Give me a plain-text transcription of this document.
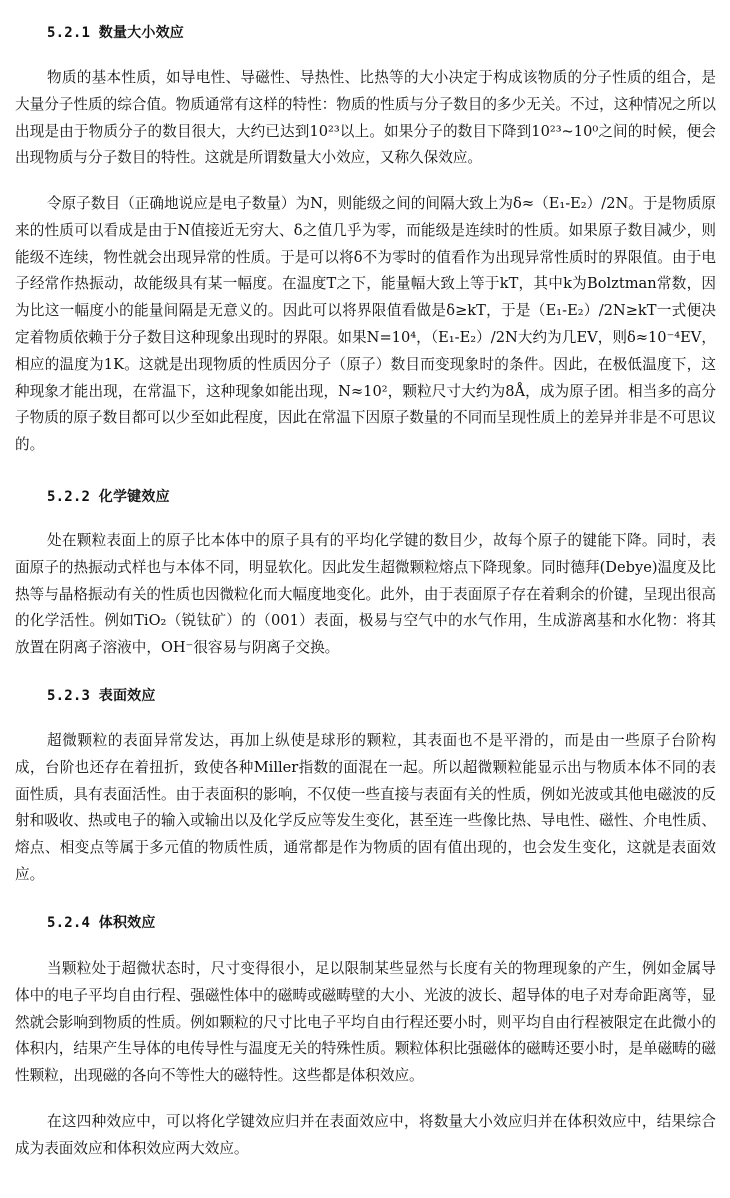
5.2.1 数量大小效应

物质的基本性质，如导电性、导磁性、导热性、比热等的大小决定于构成该物质的分子性质的组合，是大量分子性质的综合值。物质通常有这样的特性：物质的性质与分子数目的多少无关。不过，这种情况之所以出现是由于物质分子的数目很大，大约已达到10²³以上。如果分子的数目下降到10²³~10⁰之间的时候，便会出现物质与分子数目的特性。这就是所谓数量大小效应，又称久保效应。

令原子数目（正确地说应是电子数量）为N，则能级之间的间隔大致上为δ≈（E₁-E₂）/2N。于是物质原来的性质可以看成是由于N值接近无穷大、δ之值几乎为零，而能级是连续时的性质。如果原子数目减少，则能级不连续，物性就会出现异常的性质。于是可以将δ不为零时的值看作为出现异常性质时的界限值。由于电子经常作热振动，故能级具有某一幅度。在温度T之下，能量幅大致上等于kT，其中k为Bolztman常数，因为比这一幅度小的能量间隔是无意义的。因此可以将界限值看做是δ≥kT，于是（E₁-E₂）/2N≥kT一式便决定着物质依赖于分子数目这种现象出现时的界限。如果N=10⁴，（E₁-E₂）/2N大约为几EV，则δ≈10⁻⁴EV，相应的温度为1K。这就是出现物质的性质因分子（原子）数目而变现象时的条件。因此，在极低温度下，这种现象才能出现，在常温下，这种现象如能出现，N≈10²，颗粒尺寸大约为8Å，成为原子团。相当多的高分子物质的原子数目都可以少至如此程度，因此在常温下因原子数量的不同而呈现性质上的差异并非是不可思议的。

5.2.2 化学键效应

处在颗粒表面上的原子比本体中的原子具有的平均化学键的数目少，故每个原子的键能下降。同时，表面原子的热振动式样也与本体不同，明显软化。因此发生超微颗粒熔点下降现象。同时德拜(Debye)温度及比热等与晶格振动有关的性质也因微粒化而大幅度地变化。此外，由于表面原子存在着剩余的价键，呈现出很高的化学活性。例如TiO₂（锐钛矿）的（001）表面，极易与空气中的水气作用，生成游离基和水化物：将其放置在阴离子溶液中，OH⁻很容易与阴离子交换。

5.2.3 表面效应

超微颗粒的表面异常发达，再加上纵使是球形的颗粒，其表面也不是平滑的，而是由一些原子台阶构成，台阶也还存在着扭折，致使各种Miller指数的面混在一起。所以超微颗粒能显示出与物质本体不同的表面性质，具有表面活性。由于表面积的影响，不仅使一些直接与表面有关的性质，例如光波或其他电磁波的反射和吸收、热或电子的输入或输出以及化学反应等发生变化，甚至连一些像比热、导电性、磁性、介电性质、熔点、相变点等属于多元值的物质性质，通常都是作为物质的固有值出现的，也会发生变化，这就是表面效应。

5.2.4 体积效应

当颗粒处于超微状态时，尺寸变得很小，足以限制某些显然与长度有关的物理现象的产生，例如金属导体中的电子平均自由行程、强磁性体中的磁畴或磁畴壁的大小、光波的波长、超导体的电子对寿命距离等，显然就会影响到物质的性质。例如颗粒的尺寸比电子平均自由行程还要小时，则平均自由行程被限定在此微小的体积内，结果产生导体的电传导性与温度无关的特殊性质。颗粒体积比强磁体的磁畴还要小时，是单磁畴的磁性颗粒，出现磁的各向不等性大的磁特性。这些都是体积效应。

在这四种效应中，可以将化学键效应归并在表面效应中，将数量大小效应归并在体积效应中，结果综合成为表面效应和体积效应两大效应。
